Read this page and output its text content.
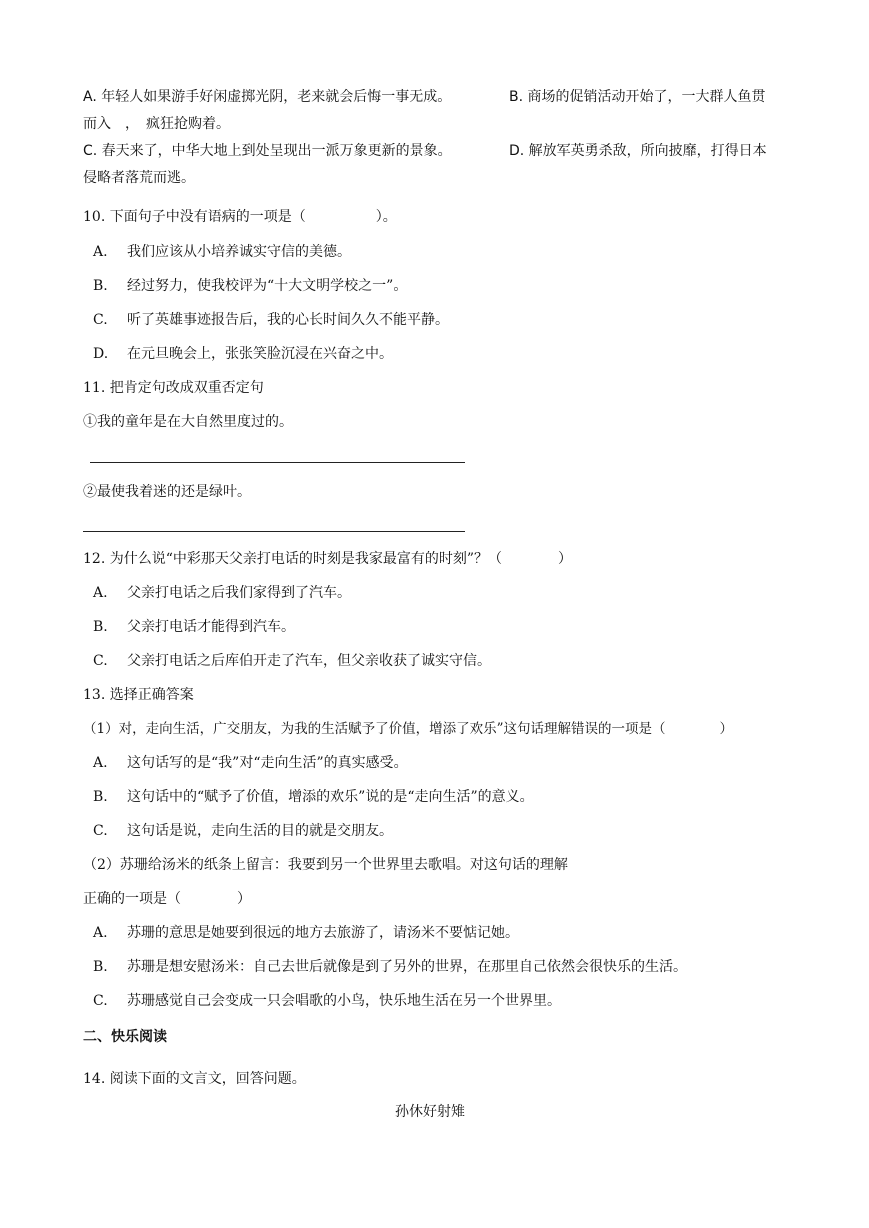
A. 年轻人如果游手好闲虚掷光阴，老来就会后悔一事无成。	B. 商场的促销活动开始了，一大群人鱼贯
而入　，　疯狂抢购着。
C. 春天来了，中华大地上到处呈现出一派万象更新的景象。	D. 解放军英勇杀敌，所向披靡，打得日本
侵略者落荒而逃。
10. 下面句子中没有语病的一项是（　　　　　）。
A. 我们应该从小培养诚实守信的美德。
B. 经过努力，使我校评为“十大文明学校之一”。
C. 听了英雄事迹报告后，我的心长时间久久不能平静。
D. 在元旦晚会上，张张笑脸沉浸在兴奋之中。
11. 把肯定句改成双重否定句
①我的童年是在大自然里度过的。
②最使我着迷的还是绿叶。
12. 为什么说“中彩那天父亲打电话的时刻是我家最富有的时刻”？（　　　　）
A. 父亲打电话之后我们家得到了汽车。
B. 父亲打电话才能得到汽车。
C. 父亲打电话之后库伯开走了汽车，但父亲收获了诚实守信。
13. 选择正确答案
（1）对，走向生活，广交朋友，为我的生活赋予了价值，增添了欢乐”这句话理解错误的一项是（　　　　）
A. 这句话写的是“我”对“走向生活”的真实感受。
B. 这句话中的“赋予了价值，增添的欢乐”说的是“走向生活”的意义。
C. 这句话是说，走向生活的目的就是交朋友。
（2）苏珊给汤米的纸条上留言：我要到另一个世界里去歌唱。对这句话的理解
正确的一项是（　　　　）
A. 苏珊的意思是她要到很远的地方去旅游了，请汤米不要惦记她。
B. 苏珊是想安慰汤米：自己去世后就像是到了另外的世界，在那里自己依然会很快乐的生活。
C. 苏珊感觉自己会变成一只会唱歌的小鸟，快乐地生活在另一个世界里。
二、快乐阅读
14. 阅读下面的文言文，回答问题。
孙休好射雉
